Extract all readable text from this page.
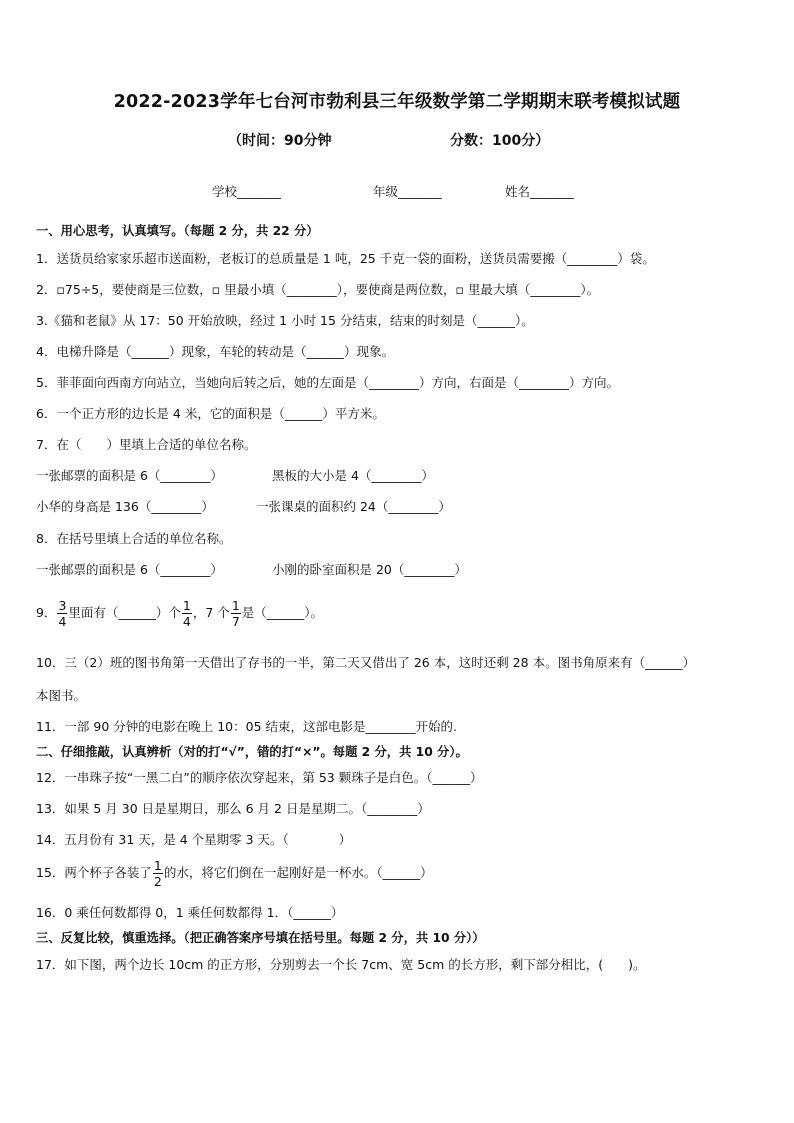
2022-2023学年七台河市勃利县三年级数学第二学期期末联考模拟试题
（时间：90分钟	分数：100分）
学校_______	年级_______	姓名_______
一、用心思考，认真填写。（每题 2 分，共 22 分）
1．送货员给家家乐超市送面粉，老板订的总质量是 1 吨，25 千克一袋的面粉，送货员需要搬（________）袋。
2．▫75÷5，要使商是三位数，▫ 里最小填（________），要使商是两位数，▫ 里最大填（________）。
3.《猫和老鼠》从 17：50 开始放映，经过 1 小时 15 分结束，结束的时刻是（______）。
4．电梯升降是（______）现象，车轮的转动是（______）现象。
5．菲菲面向西南方向站立，当她向后转之后，她的左面是（________）方向，右面是（________）方向。
6．一个正方形的边长是 4 米，它的面积是（______）平方米。
7．在（　　）里填上合适的单位名称。
一张邮票的面积是 6（________）	黑板的大小是 4（________）
小华的身高是 136（________）	一张课桌的面积约 24（________）
8．在括号里填上合适的单位名称。
一张邮票的面积是 6（________）	小刚的卧室面积是 20（________）
9． $\frac{3}{4}$ 里面有（______）个 $\frac{1}{4}$ ，7 个 $\frac{1}{7}$ 是（______）。
10．三（2）班的图书角第一天借出了存书的一半，第二天又借出了 26 本，这时还剩 28 本。图书角原来有（______）
本图书。
11．一部 90 分钟的电影在晚上 10：05 结束，这部电影是________开始的.
二、仔细推敲，认真辨析（对的打“√”，错的打“×”。每题 2 分，共 10 分）。
12．一串珠子按“一黑二白”的顺序依次穿起来，第 53 颗珠子是白色。（______）
13．如果 5 月 30 日是星期日，那么 6 月 2 日是星期二。（________）
14．五月份有 31 天，是 4 个星期零 3 天。（　　　　）
15．两个杯子各装了 $\frac{1}{2}$ 的水，将它们倒在一起刚好是一杯水。（______）
16．0 乘任何数都得 0，1 乘任何数都得 1．（______）
三、反复比较，慎重选择。（把正确答案序号填在括号里。每题 2 分，共 10 分））
17．如下图，两个边长 10cm 的正方形，分别剪去一个长 7cm、宽 5cm 的长方形，剩下部分相比，(　　)。
